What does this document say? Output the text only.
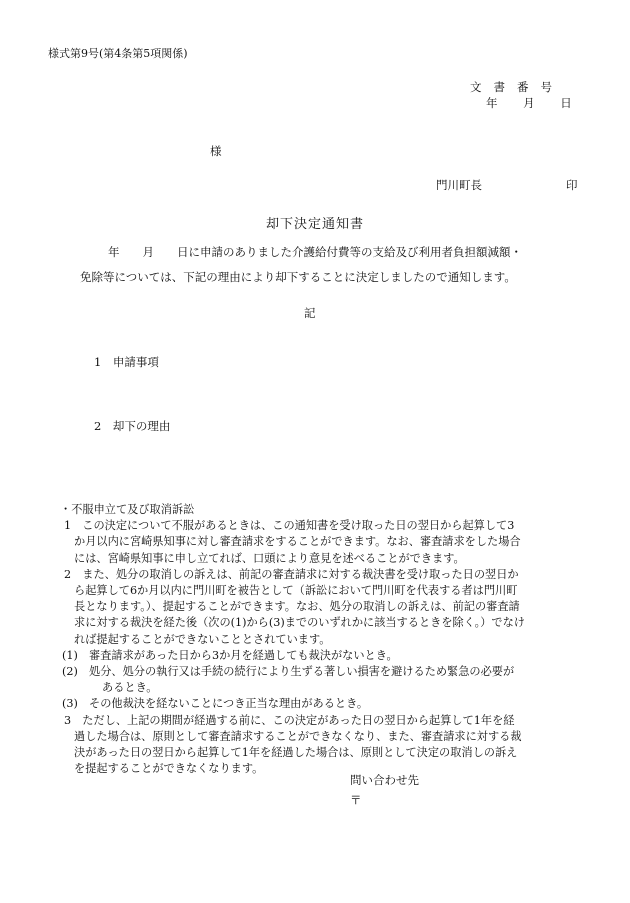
様式第9号(第4条第5項関係)
文書番号
年 月 日
様
門川町長	印
却下決定通知書
年　　月　　日に申請のありました介護給付費等の支給及び利用者負担額減額・
免除等については、下記の理由により却下することに決定しましたので通知します。
記
1　申請事項
2　却下の理由

・不服申立て及び取消訴訟

1　この決定について不服があるときは、この通知書を受け取った日の翌日から起算して3

か月以内に宮崎県知事に対し審査請求をすることができます。なお、審査請求をした場合

には、宮崎県知事に申し立てれば、口頭により意見を述べることができます。

2　また、処分の取消しの訴えは、前記の審査請求に対する裁決書を受け取った日の翌日か

ら起算して6か月以内に門川町を被告として（訴訟において門川町を代表する者は門川町

長となります。）、提起することができます。なお、処分の取消しの訴えは、前記の審査請

求に対する裁決を経た後（次の(1)から(3)までのいずれかに該当するときを除く。）でなけ

れば提起することができないこととされています。

(1)　審査請求があった日から3か月を経過しても裁決がないとき。

(2)　処分、処分の執行又は手続の続行により生ずる著しい損害を避けるため緊急の必要が

あるとき。

(3)　その他裁決を経ないことにつき正当な理由があるとき。

3　ただし、上記の期間が経過する前に、この決定があった日の翌日から起算して1年を経

過した場合は、原則として審査請求することができなくなり、また、審査請求に対する裁

決があった日の翌日から起算して1年を経過した場合は、原則として決定の取消しの訴え

を提起することができなくなります。

問い合わせ先
〒
